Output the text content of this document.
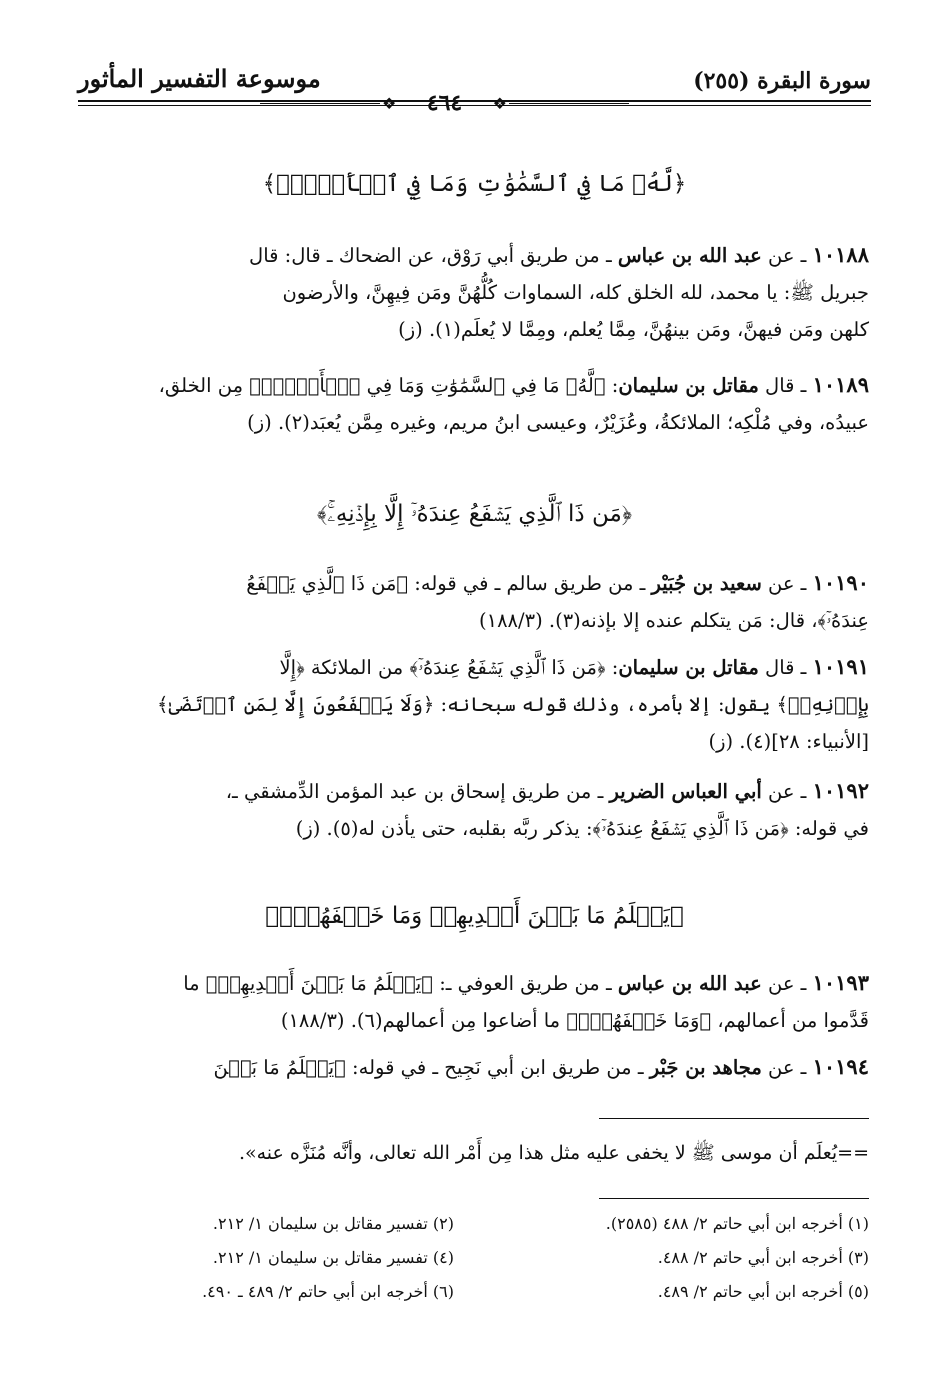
سورة البقرة (٢٥٥)
موسوعة التفسير المأثور
❖	٤٦٤	❖
﴿لَّهُۥ مَا فِي ٱلسَّمَٰوَٰتِ وَمَا فِي ٱلۡأَرۡضِۗ﴾
١٠١٨٨ ـ عن عبد الله بن عباس ـ من طريق أبي رَوْق، عن الضحاك ـ قال: قال
جبريل ﷺ: يا محمد، لله الخلق كله، السماوات كُلُّهُنَّ ومَن فِيهِنَّ، والأرضون
كلهن ومَن فيهنَّ، ومَن بينهُنَّ، مِمَّا يُعلم، ومِمَّا لا يُعلَم(١). (ز)
١٠١٨٩ ـ قال مقاتل بن سليمان: ﴿لَّهُۥ مَا فِي ٱلسَّمَٰوَٰتِ وَمَا فِي ٱلۡأَرۡضِۗ﴾ مِن الخلق،
عبيدُه، وفي مُلْكِه؛ الملائكةُ، وعُزَيْرٌ، وعيسى ابنُ مريم، وغيره مِمَّن يُعبَد(٢). (ز)
﴿مَن ذَا ٱلَّذِي يَشۡفَعُ عِندَهُۥٓ إِلَّا بِإِذۡنِهِۦۚ﴾
١٠١٩٠ ـ عن سعيد بن جُبَيْر ـ من طريق سالم ـ في قوله: ﴿مَن ذَا ٱلَّذِي يَشۡفَعُ
عِندَهُۥٓ﴾، قال: مَن يتكلم عنده إلا بإذنه(٣). (١٨٨/٣)
١٠١٩١ ـ قال مقاتل بن سليمان: ﴿مَن ذَا ٱلَّذِي يَشۡفَعُ عِندَهُۥٓ﴾ من الملائكة ﴿إِلَّا
بِإِذۡنِهِۦۚ﴾ يقول: إلا بأمره، وذلك قوله سبحانه: ﴿وَلَا يَشۡفَعُونَ إِلَّا لِمَنِ ٱرۡتَضَىٰ﴾
[الأنبياء: ٢٨](٤). (ز)
١٠١٩٢ ـ عن أبي العباس الضرير ـ من طريق إسحاق بن عبد المؤمن الدِّمشقي ـ،
في قوله: ﴿مَن ذَا ٱلَّذِي يَشۡفَعُ عِندَهُۥٓ﴾: يذكر ربَّه بقلبه، حتى يأذن له(٥). (ز)
﴿يَعۡلَمُ مَا بَيۡنَ أَيۡدِيهِمۡ وَمَا خَلۡفَهُمۡۖ﴾
١٠١٩٣ ـ عن عبد الله بن عباس ـ من طريق العوفي ـ: ﴿يَعۡلَمُ مَا بَيۡنَ أَيۡدِيهِمۡ﴾ ما
قَدَّموا من أعمالهم، ﴿وَمَا خَلۡفَهُمۡۖ﴾ ما أضاعوا مِن أعمالهم(٦). (١٨٨/٣)
١٠١٩٤ ـ عن مجاهد بن جَبْر ـ من طريق ابن أبي نَجِيح ـ في قوله: ﴿يَعۡلَمُ مَا بَيۡنَ
==يُعلَم أن موسى ﷺ لا يخفى عليه مثل هذا مِن أَمْر الله تعالى، وأنَّه مُنَزَّه عنه».
(١) أخرجه ابن أبي حاتم ٢/ ٤٨٨ (٢٥٨٥).
(٢) تفسير مقاتل بن سليمان ١/ ٢١٢.
(٣) أخرجه ابن أبي حاتم ٢/ ٤٨٨.
(٤) تفسير مقاتل بن سليمان ١/ ٢١٢.
(٥) أخرجه ابن أبي حاتم ٢/ ٤٨٩.
(٦) أخرجه ابن أبي حاتم ٢/ ٤٨٩ ـ ٤٩٠.
